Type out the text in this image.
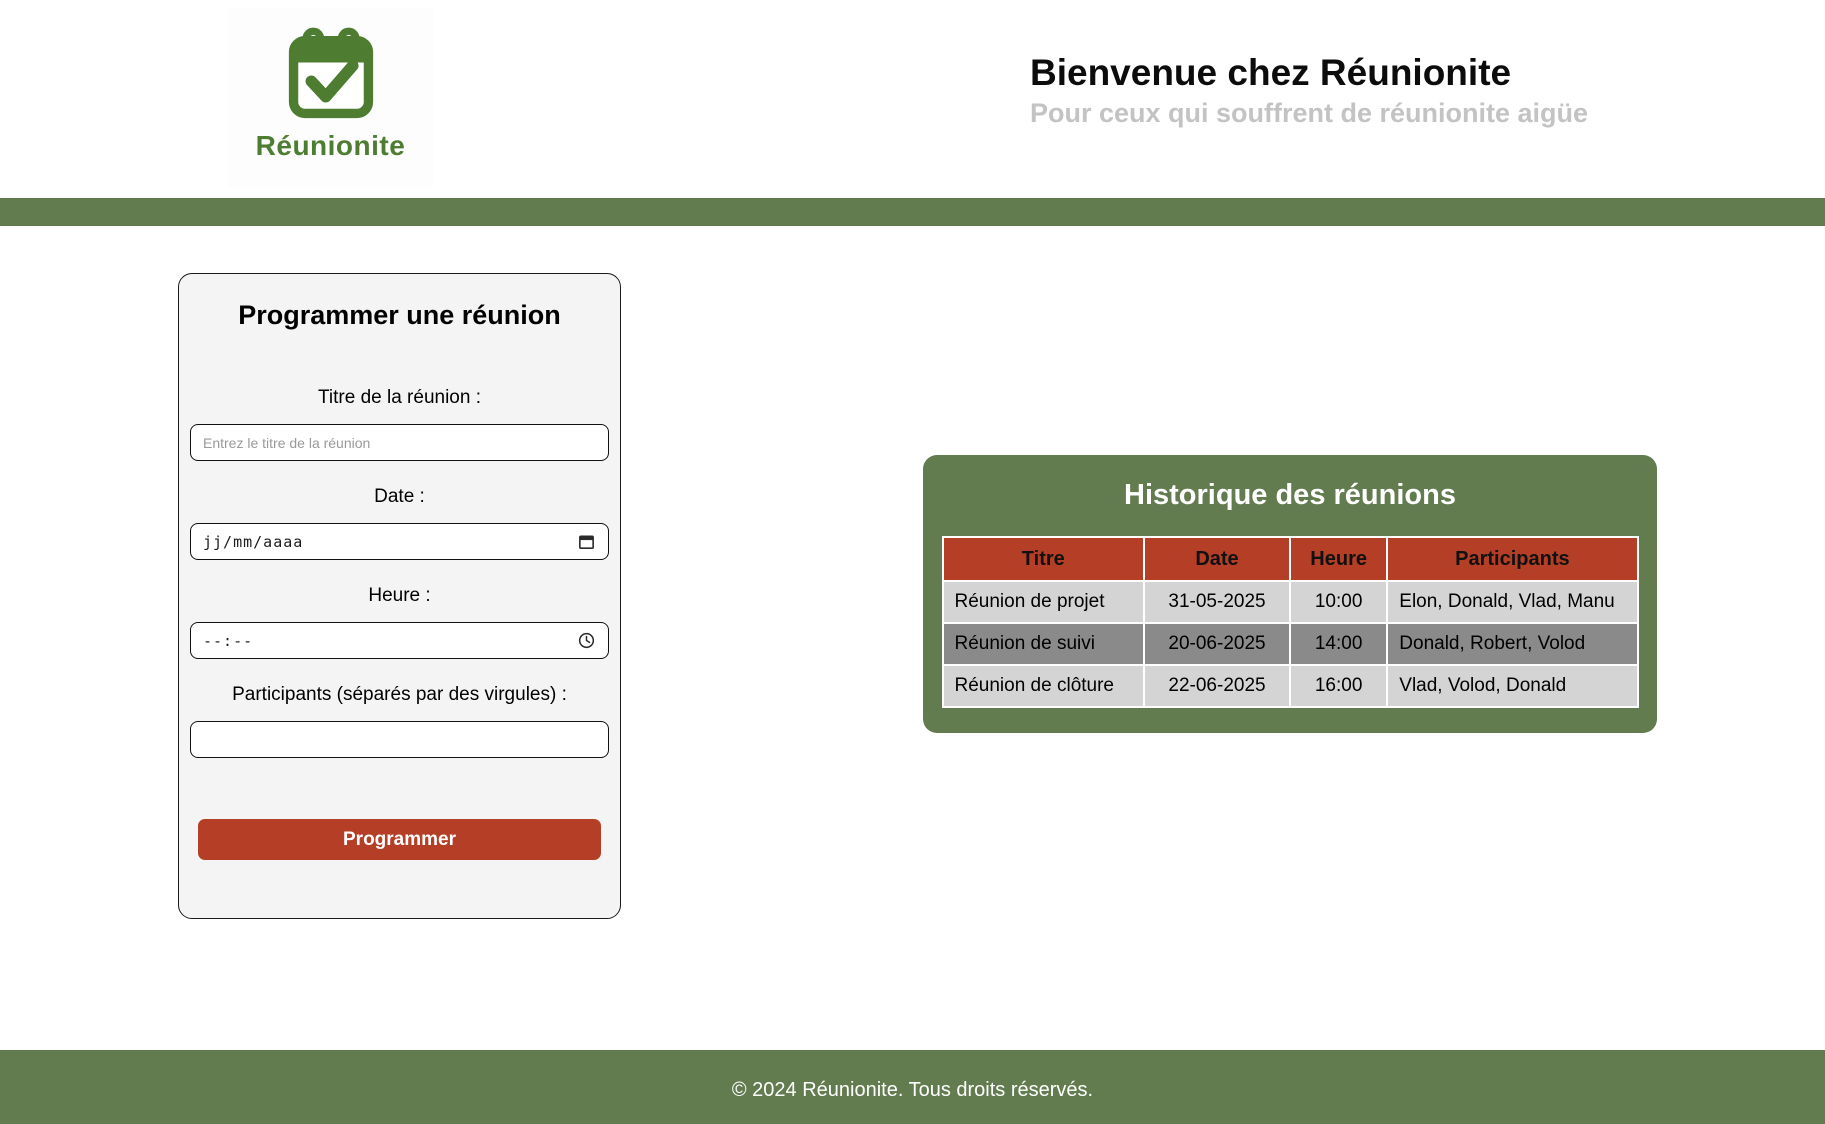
Réunionite
Bienvenue chez Réunionite
Pour ceux qui souffrent de réunionite aigüe
Programmer une réunion
Titre de la réunion :
Entrez le titre de la réunion
Date :
jj/mm/aaaa
Heure :
--:--
Participants (séparés par des virgules) :
Programmer
Historique des réunions
Titre	Date	Heure	Participants
Réunion de projet	31-05-2025	10:00	Elon, Donald, Vlad, Manu
Réunion de suivi	20-06-2025	14:00	Donald, Robert, Volod
Réunion de clôture	22-06-2025	16:00	Vlad, Volod, Donald
© 2024 Réunionite. Tous droits réservés.
